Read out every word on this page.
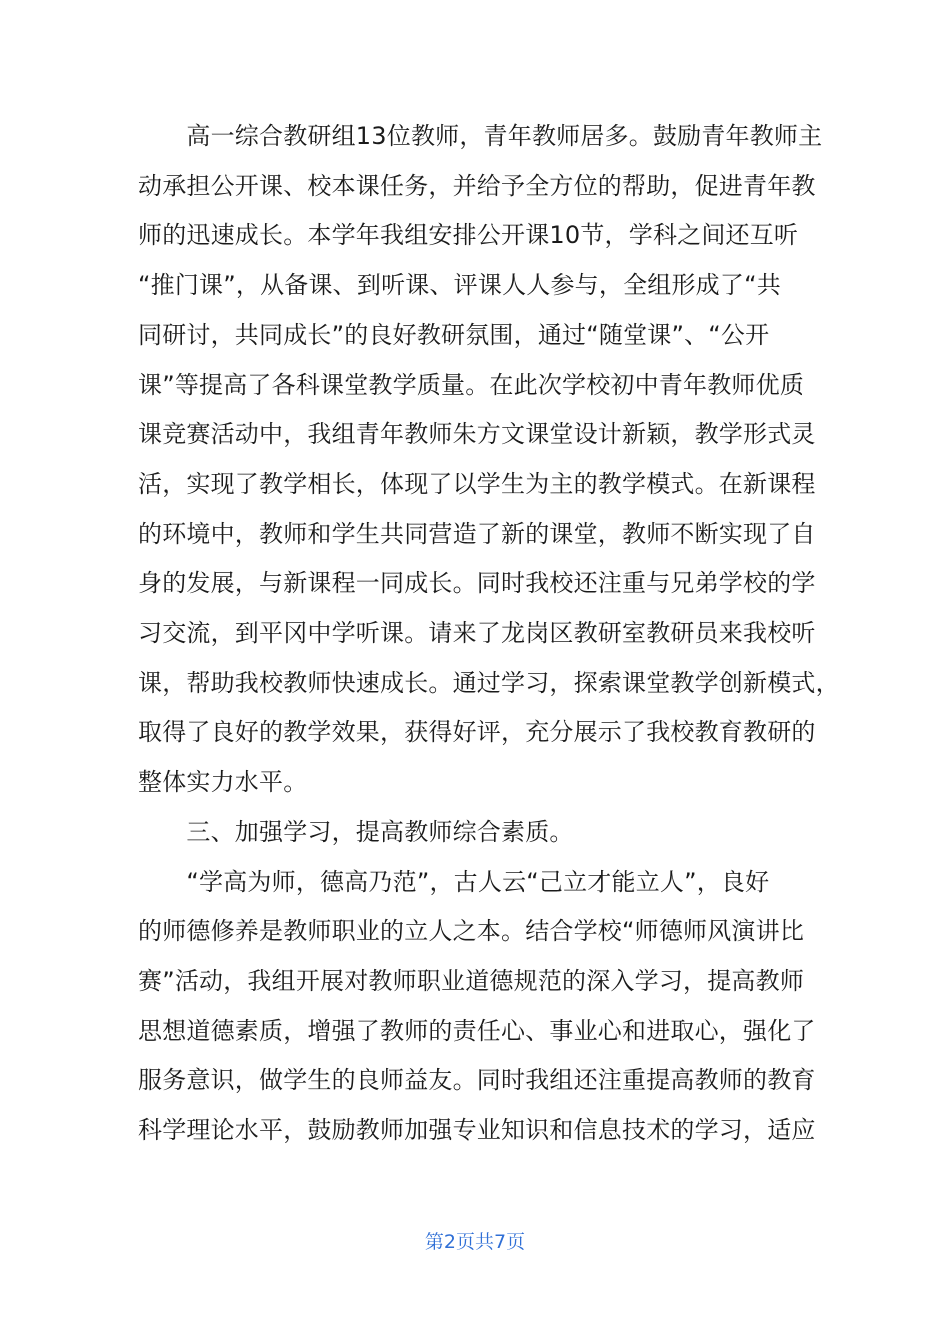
　　高一综合教研组13位教师，青年教师居多。鼓励青年教师主
动承担公开课、校本课任务，并给予全方位的帮助，促进青年教
师的迅速成长。本学年我组安排公开课10节，学科之间还互听
“推门课”，从备课、到听课、评课人人参与，全组形成了“共
同研讨，共同成长”的良好教研氛围，通过“随堂课”、“公开
课”等提高了各科课堂教学质量。在此次学校初中青年教师优质
课竞赛活动中，我组青年教师朱方文课堂设计新颖，教学形式灵
活，实现了教学相长，体现了以学生为主的教学模式。在新课程
的环境中，教师和学生共同营造了新的课堂，教师不断实现了自
身的发展，与新课程一同成长。同时我校还注重与兄弟学校的学
习交流，到平冈中学听课。请来了龙岗区教研室教研员来我校听
课，帮助我校教师快速成长。通过学习，探索课堂教学创新模式，
取得了良好的教学效果，获得好评，充分展示了我校教育教研的
整体实力水平。

　　三、加强学习，提高教师综合素质。

　　“学高为师，德高乃范”，古人云“己立才能立人”，良好
的师德修养是教师职业的立人之本。结合学校“师德师风演讲比
赛”活动，我组开展对教师职业道德规范的深入学习，提高教师
思想道德素质，增强了教师的责任心、事业心和进取心，强化了
服务意识，做学生的良师益友。同时我组还注重提高教师的教育
科学理论水平，鼓励教师加强专业知识和信息技术的学习，适应

第2页共7页
